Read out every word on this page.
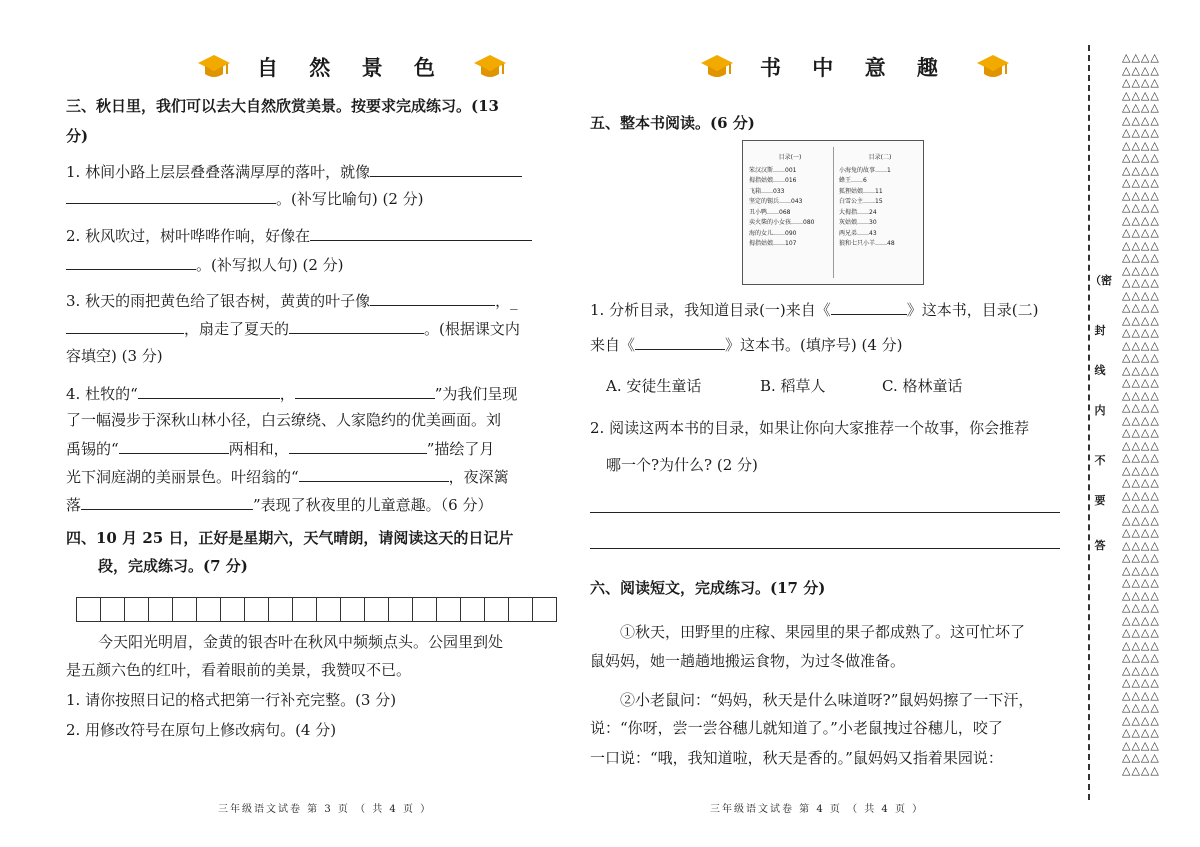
自 然 景 色
三、秋日里，我们可以去大自然欣赏美景。按要求完成练习。(13
分)
1. 林间小路上层层叠叠落满厚厚的落叶，就像
。(补写比喻句) (2 分)
2. 秋风吹过，树叶哗哗作响，好像在
。(补写拟人句) (2 分)
3. 秋天的雨把黄色给了银杏树，黄黄的叶子像	，_
，扇走了夏天的	。(根据课文内
容填空) (3 分)
4. 杜牧的“	，	”为我们呈现
了一幅漫步于深秋山林小径，白云缭绕、人家隐约的优美画面。刘
禹锡的“	两相和，	”描绘了月
光下洞庭湖的美丽景色。叶绍翁的“	，夜深篱
落	”表现了秋夜里的儿童意趣。（6 分）
四、10 月 25 日，正好是星期六，天气晴朗，请阅读这天的日记片
段，完成练习。(7 分)
今天阳光明眉，金黄的银杏叶在秋风中频频点头。公园里到处
是五颜六色的红叶，看着眼前的美景，我赞叹不已。
1. 请你按照日记的格式把第一行补充完整。(3 分)
2. 用修改符号在原句上修改病句。(4 分)
三年级语文试卷 第 3 页 （ 共 4 页 ）
书 中 意 趣
五、整本书阅读。(6 分)
目录(一)
笨汉汉斯……001
拇指姑娘……016
飞箱……033
坚定的锡兵……043
丑小鸭……068
卖火柴的小女孩……080
海的女儿……090
拇指姑娘……107
目录(二)
小海兔的故事……1
蜂王……6
狐狸姑娘……11
白雪公主……15
大拇指……24
灰姑娘……30
两兄弟……43
狼和七只小羊……48
1. 分析目录，我知道目录(一)来自《	》这本书，目录(二)
来自《	》这本书。(填序号) (4 分)
A. 安徒生童话	B. 稻草人	C. 格林童话
2. 阅读这两本书的目录，如果让你向大家推荐一个故事，你会推荐
哪一个?为什么? (2 分)
六、阅读短文，完成练习。(17 分)
①秋天，田野里的庄稼、果园里的果子都成熟了。这可忙坏了
鼠妈妈，她一趟趟地搬运食物，为过冬做准备。
②小老鼠问：“妈妈，秋天是什么味道呀?”鼠妈妈擦了一下汗，
说：“你呀，尝一尝谷穗儿就知道了。”小老鼠拽过谷穗儿，咬了
一口说：“哦，我知道啦，秋天是香的。”鼠妈妈又指着果园说：
三年级语文试卷 第 4 页 （ 共 4 页 ）
（密
封
线
内
不
要
答
△△△△
△△△△
△△△△
△△△△
△△△△
△△△△
△△△△
△△△△
△△△△
△△△△
△△△△
△△△△
△△△△
△△△△
△△△△
△△△△
△△△△
△△△△
△△△△
△△△△
△△△△
△△△△
△△△△
△△△△
△△△△
△△△△
△△△△
△△△△
△△△△
△△△△
△△△△
△△△△
△△△△
△△△△
△△△△
△△△△
△△△△
△△△△
△△△△
△△△△
△△△△
△△△△
△△△△
△△△△
△△△△
△△△△
△△△△
△△△△
△△△△
△△△△
△△△△
△△△△
△△△△
△△△△
△△△△
△△△△
△△△△
△△△△
